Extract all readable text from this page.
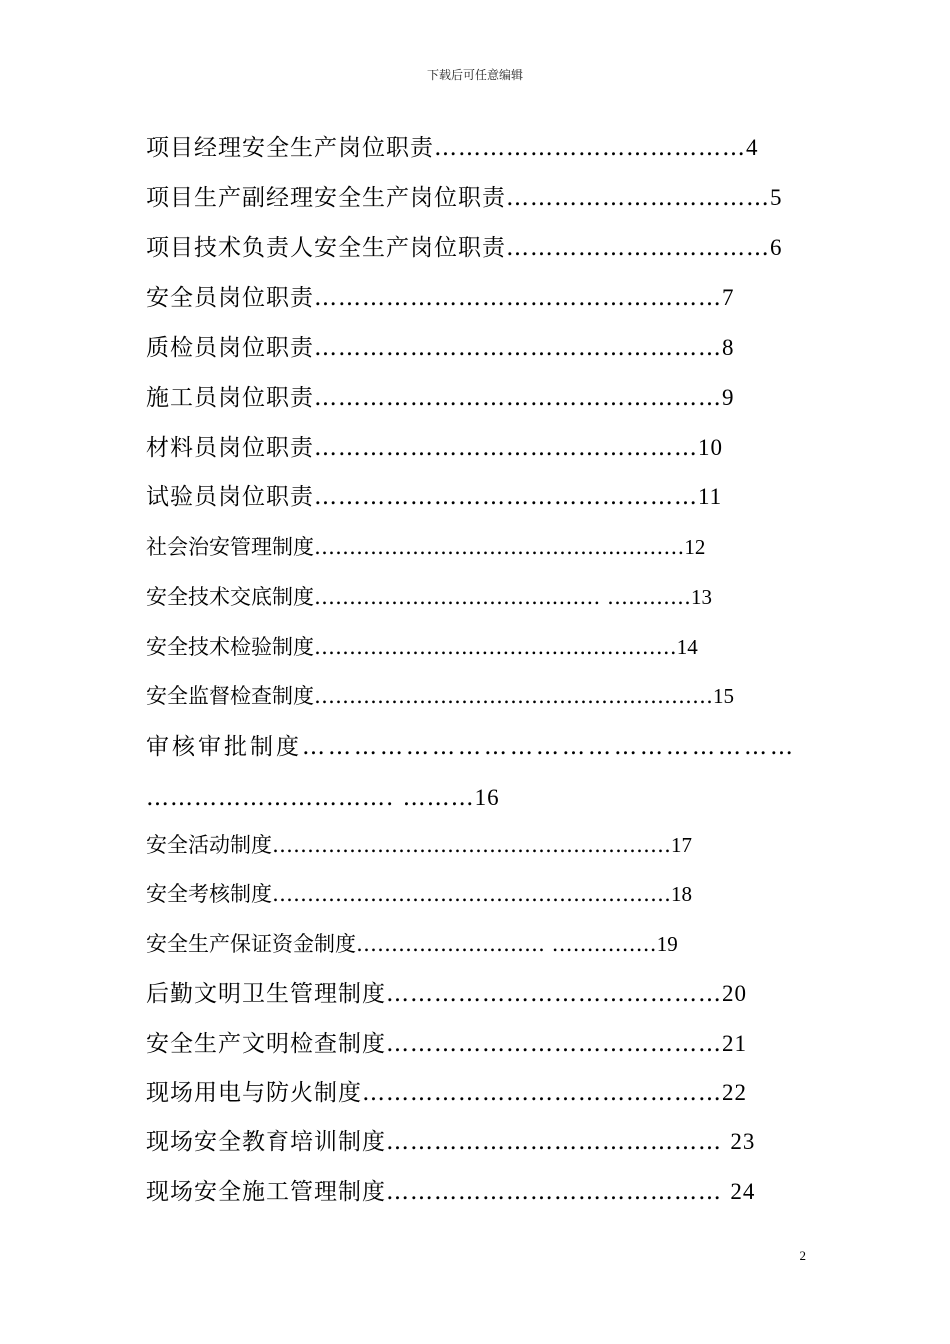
下载后可任意编辑
项目经理安全生产岗位职责…………………………………4
项目生产副经理安全生产岗位职责……………………………5
项目技术负责人安全生产岗位职责……………………………6
安全员岗位职责……………………………………………7
质检员岗位职责……………………………………………8
施工员岗位职责……………………………………………9
材料员岗位职责…………………………………………10
试验员岗位职责…………………………………………11
社会治安管理制度……………………………………..………12
安全技术交底制度……………………………..…… …………13
安全技术检验制度…………………..……………..…………14
安全监督检查制度…………………………………………………15
审核审批制度…………………………………………………
…………………………. ………16
安全活动制度…………………………………………………17
安全考核制度…………………………………………………18
安全生产保证资金制度……………………… ……………19
后勤文明卫生管理制度……………………………………20
安全生产文明检查制度……………………………………21
现场用电与防火制度………………………………………22
现场安全教育培训制度…………………………………… 23
现场安全施工管理制度…………………………………… 24
2
